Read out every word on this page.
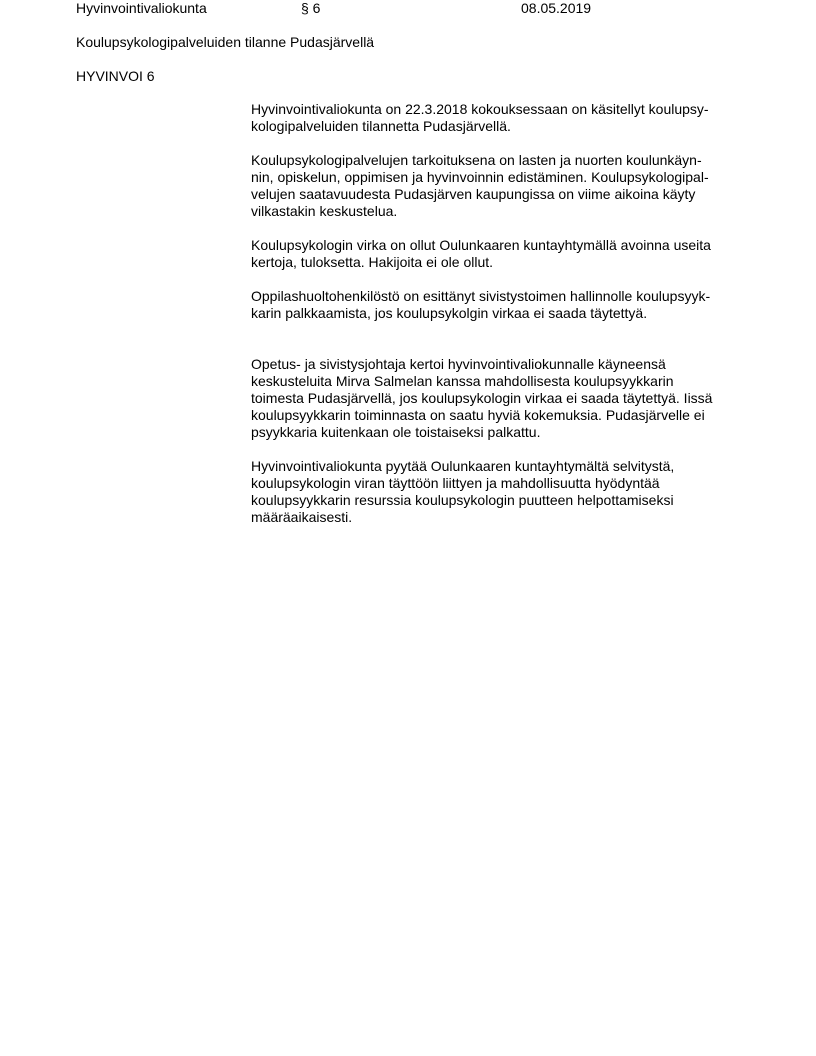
Hyvinvointivaliokunta	§ 6	08.05.2019
Koulupsykologipalveluiden tilanne Pudasjärvellä
HYVINVOI 6

Hyvinvointivaliokunta on 22.3.2018 kokouksessaan on käsitellyt koulupsy-
kologipalveluiden tilannetta Pudasjärvellä.

Koulupsykologipalvelujen tarkoituksena on lasten ja nuorten koulunkäyn-
nin, opiskelun, oppimisen ja hyvinvoinnin edistäminen. Koulupsykologipal-
velujen saatavuudesta Pudasjärven kaupungissa on viime aikoina käyty
vilkastakin keskustelua.

Koulupsykologin virka on ollut Oulunkaaren kuntayhtymällä avoinna useita
kertoja, tuloksetta. Hakijoita ei ole ollut.

Oppilashuoltohenkilöstö on esittänyt sivistystoimen hallinnolle koulupsyyk-
karin palkkaamista, jos koulupsykolgin virkaa ei saada täytettyä.

Opetus- ja sivistysjohtaja kertoi hyvinvointivaliokunnalle käyneensä
keskusteluita Mirva Salmelan kanssa mahdollisesta koulupsyykkarin
toimesta Pudasjärvellä, jos koulupsykologin virkaa ei saada täytettyä. Iissä
koulupsyykkarin toiminnasta on saatu hyviä kokemuksia. Pudasjärvelle ei
psyykkaria kuitenkaan ole toistaiseksi palkattu.

Hyvinvointivaliokunta pyytää Oulunkaaren kuntayhtymältä selvitystä,
koulupsykologin viran täyttöön liittyen ja mahdollisuutta hyödyntää
koulupsyykkarin resurssia koulupsykologin puutteen helpottamiseksi
määräaikaisesti.
